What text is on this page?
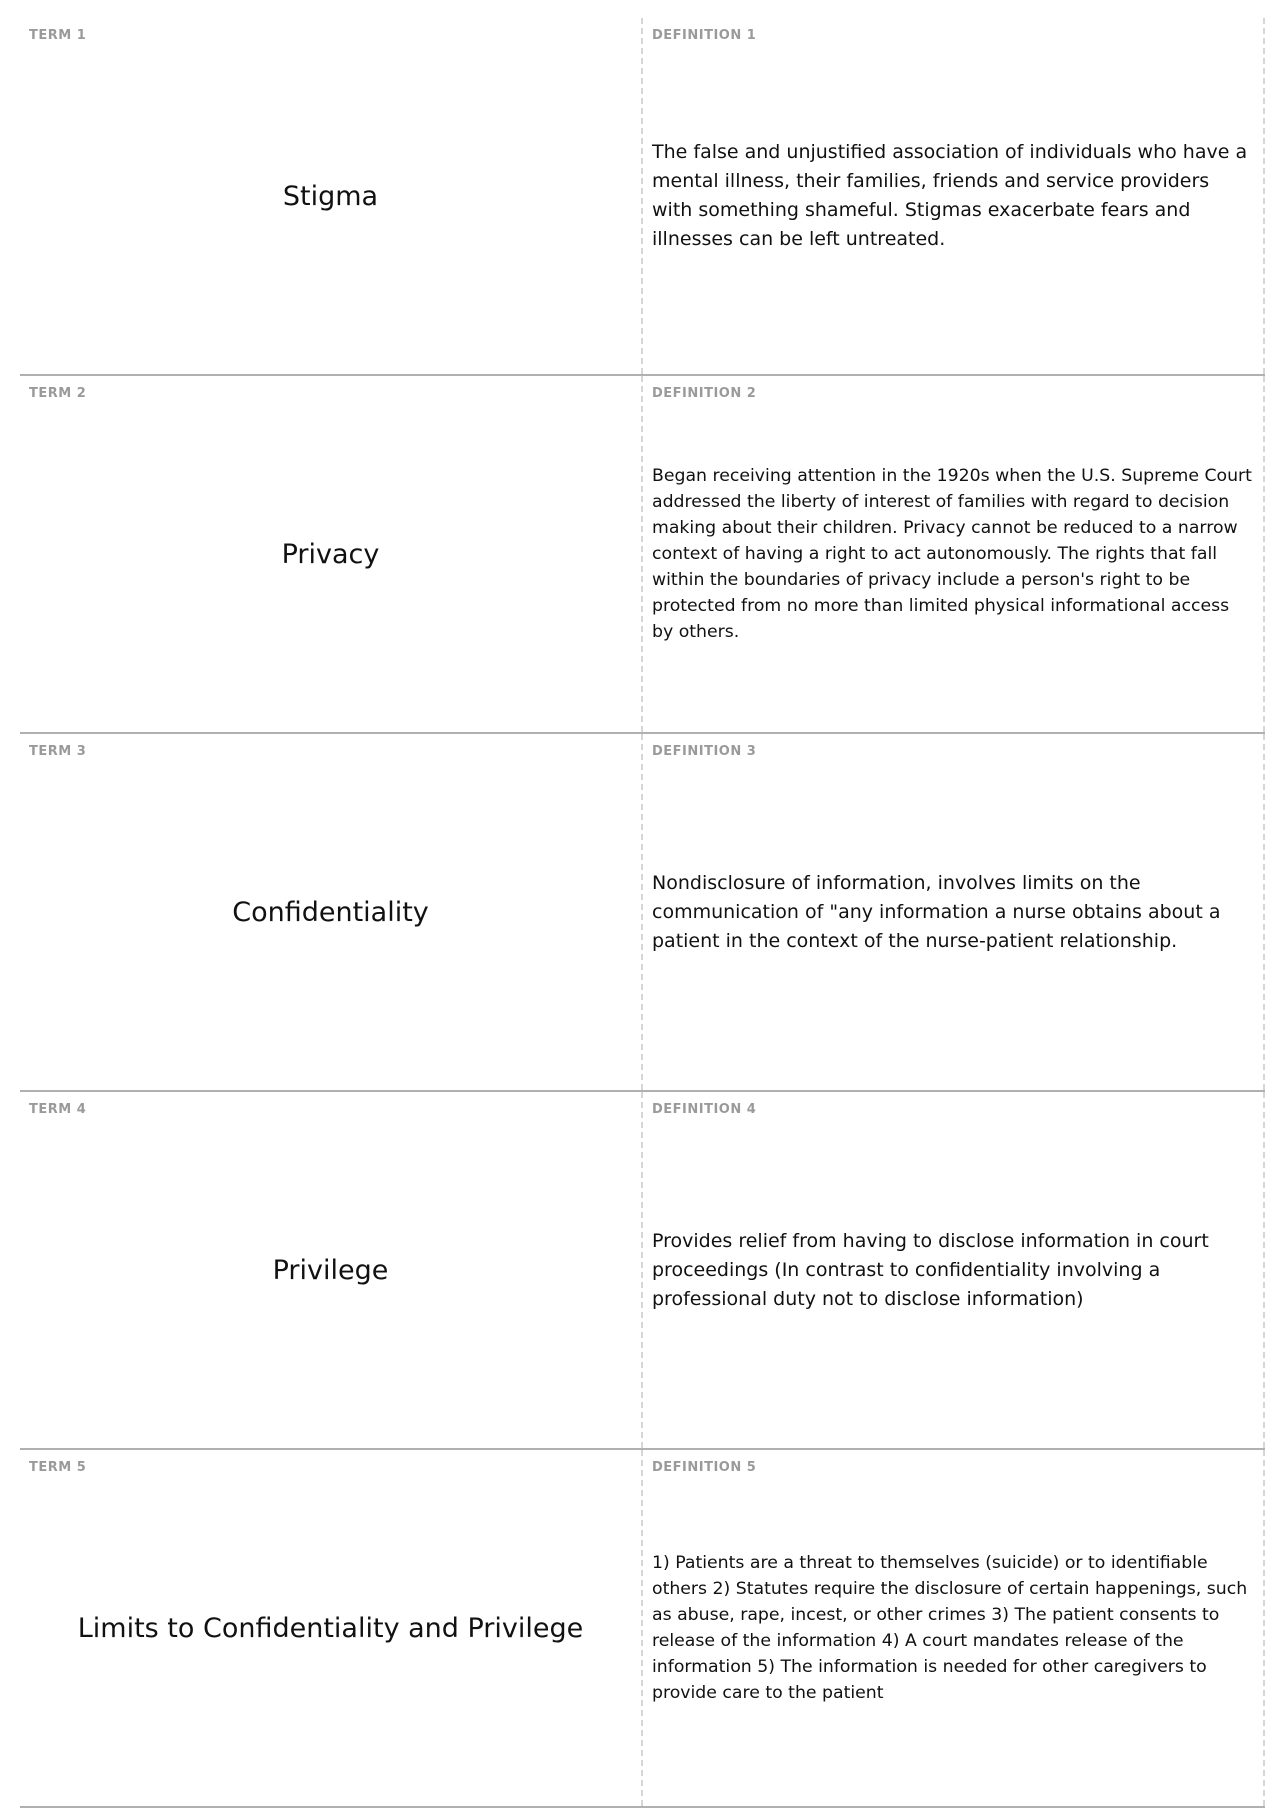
TERM 1
Stigma
DEFINITION 1
The false and unjustified association of individuals who have a mental illness, their families, friends and service providers with something shameful. Stigmas exacerbate fears and illnesses can be left untreated.
TERM 2
Privacy
DEFINITION 2
Began receiving attention in the 1920s when the U.S. Supreme Court addressed the liberty of interest of families with regard to decision making about their children. Privacy cannot be reduced to a narrow context of having a right to act autonomously. The rights that fall within the boundaries of privacy include a person's right to be protected from no more than limited physical informational access by others.
TERM 3
Confidentiality
DEFINITION 3
Nondisclosure of information, involves limits on the communication of "any information a nurse obtains about a patient in the context of the nurse-patient relationship.
TERM 4
Privilege
DEFINITION 4
Provides relief from having to disclose information in court proceedings (In contrast to confidentiality involving a professional duty not to disclose information)
TERM 5
Limits to Confidentiality and Privilege
DEFINITION 5
1) Patients are a threat to themselves (suicide) or to identifiable others 2) Statutes require the disclosure of certain happenings, such as abuse, rape, incest, or other crimes 3) The patient consents to release of the information 4) A court mandates release of the information 5) The information is needed for other caregivers to provide care to the patient
